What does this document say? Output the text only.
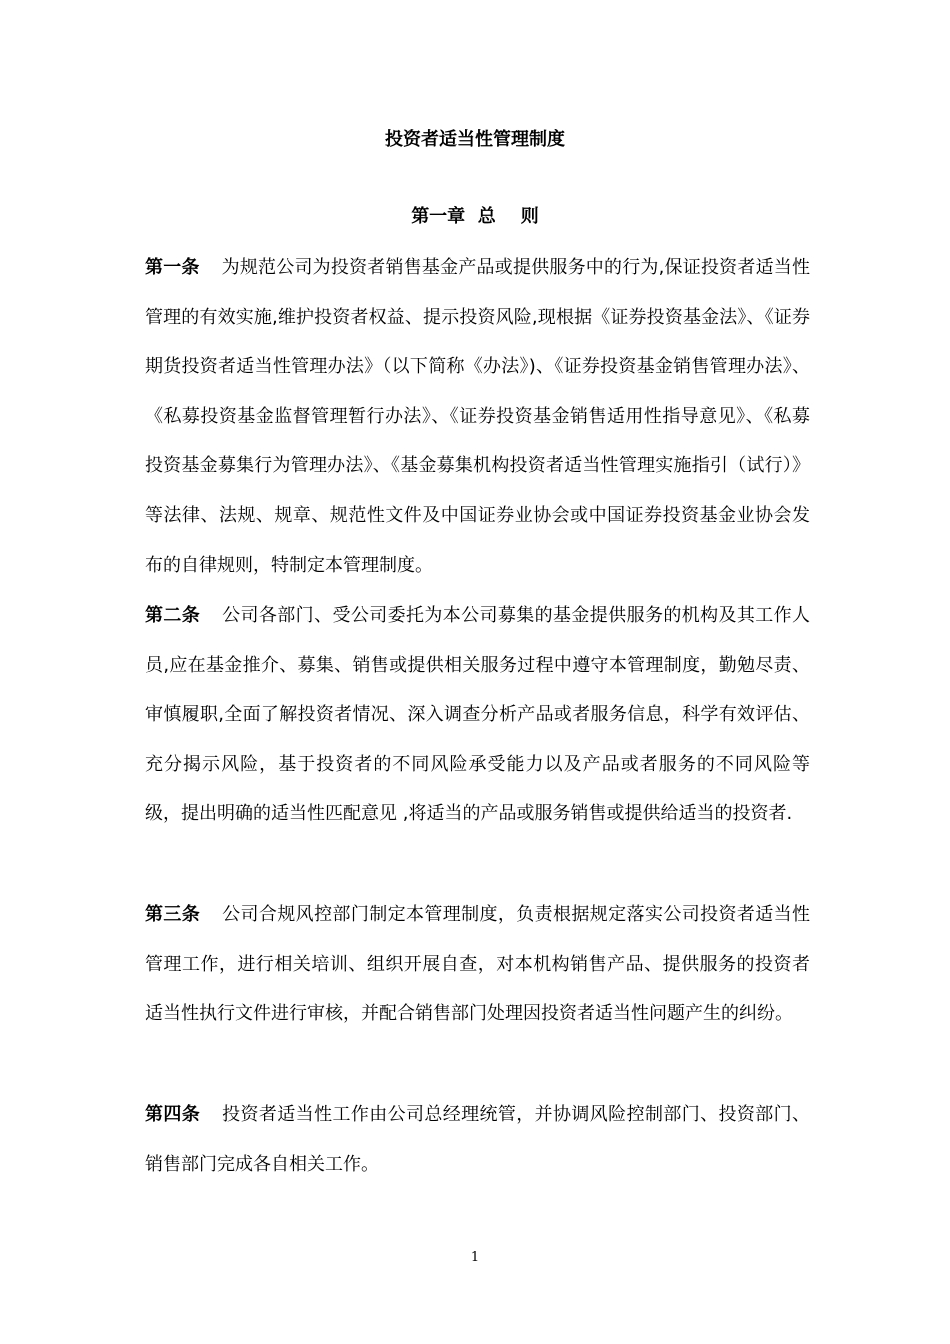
投资者适当性管理制度
第一章  总    则

第一条 为规范公司为投资者销售基金产品或提供服务中的行为,保证投资者适当性管理的有效实施,维护投资者权益、提示投资风险,现根据《证券投资基金法》、《证券期货投资者适当性管理办法》（以下简称《办法》)、《证券投资基金销售管理办法》、《私募投资基金监督管理暂行办法》、《证券投资基金销售适用性指导意见》、《私募投资基金募集行为管理办法》、《基金募集机构投资者适当性管理实施指引（试行）》等法律、法规、规章、规范性文件及中国证券业协会或中国证券投资基金业协会发布的自律规则，特制定本管理制度。

第二条 公司各部门、受公司委托为本公司募集的基金提供服务的机构及其工作人员,应在基金推介、募集、销售或提供相关服务过程中遵守本管理制度，勤勉尽责、审慎履职,全面了解投资者情况、深入调查分析产品或者服务信息，科学有效评估、充分揭示风险，基于投资者的不同风险承受能力以及产品或者服务的不同风险等级，提出明确的适当性匹配意见 ,将适当的产品或服务销售或提供给适当的投资者.

第三条 公司合规风控部门制定本管理制度，负责根据规定落实公司投资者适当性管理工作，进行相关培训、组织开展自查，对本机构销售产品、提供服务的投资者适当性执行文件进行审核，并配合销售部门处理因投资者适当性问题产生的纠纷。

第四条 投资者适当性工作由公司总经理统管，并协调风险控制部门、投资部门、销售部门完成各自相关工作。

1
